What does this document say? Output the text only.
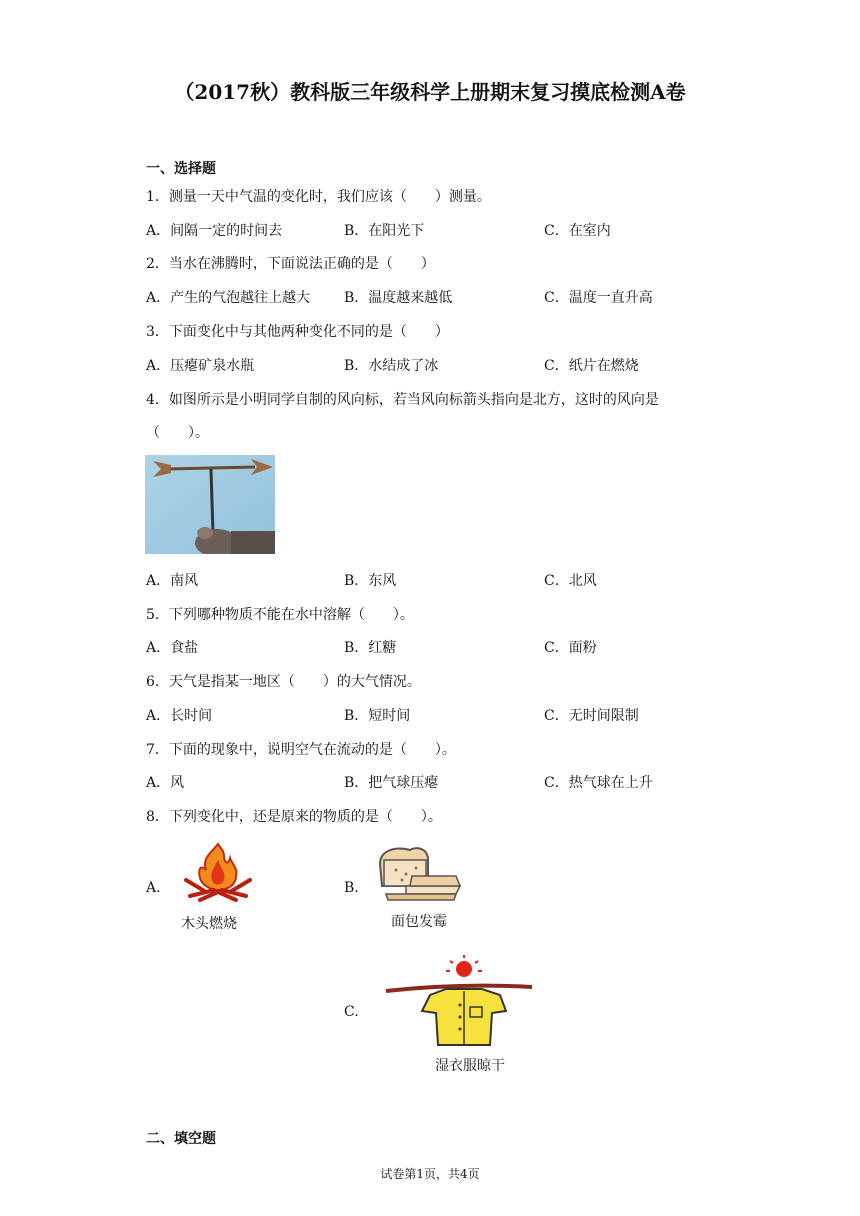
（2017秋）教科版三年级科学上册期末复习摸底检测A卷
一、选择题
1．测量一天中气温的变化时，我们应该（　　）测量。
A．间隔一定的时间去	B．在阳光下	C．在室内
2．当水在沸腾时，下面说法正确的是（　　）
A．产生的气泡越往上越大 B．温度越来越低	C．温度一直升高
3．下面变化中与其他两种变化不同的是（　　）
A．压瘪矿泉水瓶	B．水结成了冰	C．纸片在燃烧
4．如图所示是小明同学自制的风向标，若当风向标箭头指向是北方，这时的风向是
（　　）。
A．南风	B．东风	C．北风
5．下列哪种物质不能在水中溶解（　　）。
A．食盐	B．红糖	C．面粉
6．天气是指某一地区（　　）的大气情况。
A．长时间	B．短时间	C．无时间限制
7．下面的现象中，说明空气在流动的是（　　）。
A．风	B．把气球压瘪	C．热气球在上升
8．下列变化中，还是原来的物质的是（　　）。
A.
木头燃烧
B.
面包发霉
C.
湿衣服晾干
二、填空题
试卷第1页，共4页
